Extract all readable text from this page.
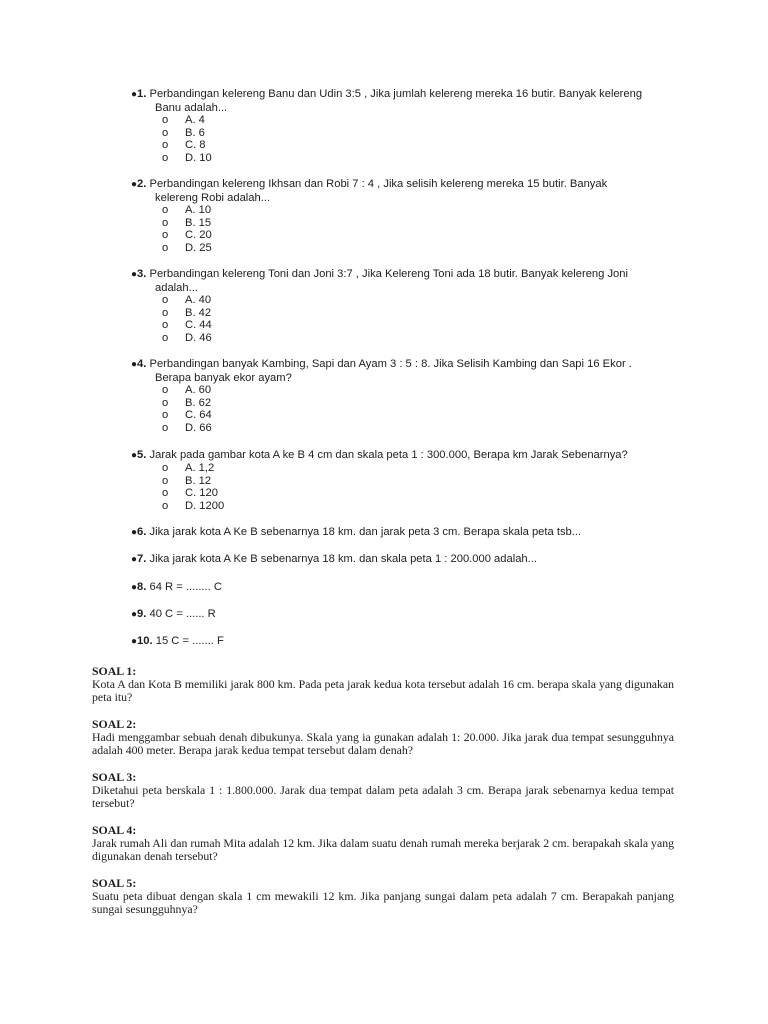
●1. Perbandingan kelereng Banu dan Udin 3:5 , Jika jumlah kelereng mereka 16 butir. Banyak kelereng
Banu adalah...
o A. 4
o B. 6
o C. 8
o D. 10
●2. Perbandingan kelereng Ikhsan dan Robi 7 : 4 , Jika selisih kelereng mereka 15 butir. Banyak
kelereng Robi adalah...
o A. 10
o B. 15
o C. 20
o D. 25
●3. Perbandingan kelereng Toni dan Joni 3:7 , Jika Kelereng Toni ada 18 butir. Banyak kelereng Joni
adalah...
o A. 40
o B. 42
o C. 44
o D. 46
●4. Perbandingan banyak Kambing, Sapi dan Ayam 3 : 5 : 8. Jika Selisih Kambing dan Sapi 16 Ekor .
Berapa banyak ekor ayam?
o A. 60
o B. 62
o C. 64
o D. 66
●5. Jarak pada gambar kota A ke B 4 cm dan skala peta 1 : 300.000, Berapa km Jarak Sebenarnya?
o A. 1,2
o B. 12
o C. 120
o D. 1200
●6. Jika jarak kota A Ke B sebenarnya 18 km. dan jarak peta 3 cm. Berapa skala peta tsb...
●7. Jika jarak kota A Ke B sebenarnya 18 km. dan skala peta 1 : 200.000 adalah...
●8. 64 R = ........ C
●9. 40 C = ...... R
●10. 15 C = ....... F
SOAL 1:
Kota A dan Kota B memiliki jarak 800 km. Pada peta jarak kedua kota tersebut adalah 16 cm. berapa skala yang digunakan peta itu?
SOAL 2:
Hadi menggambar sebuah denah dibukunya. Skala yang ia gunakan adalah 1: 20.000. Jika jarak dua tempat sesungguhnya adalah 400 meter. Berapa jarak kedua tempat tersebut dalam denah?
SOAL 3:
Diketahui peta berskala 1 : 1.800.000. Jarak dua tempat dalam peta adalah 3 cm. Berapa jarak sebenarnya kedua tempat tersebut?
SOAL 4:
Jarak rumah Ali dan rumah Mita adalah 12 km. Jika dalam suatu denah rumah mereka berjarak 2 cm. berapakah skala yang digunakan denah tersebut?
SOAL 5:
Suatu peta dibuat dengan skala 1 cm mewakili 12 km. Jika panjang sungai dalam peta adalah 7 cm. Berapakah panjang sungai sesungguhnya?
